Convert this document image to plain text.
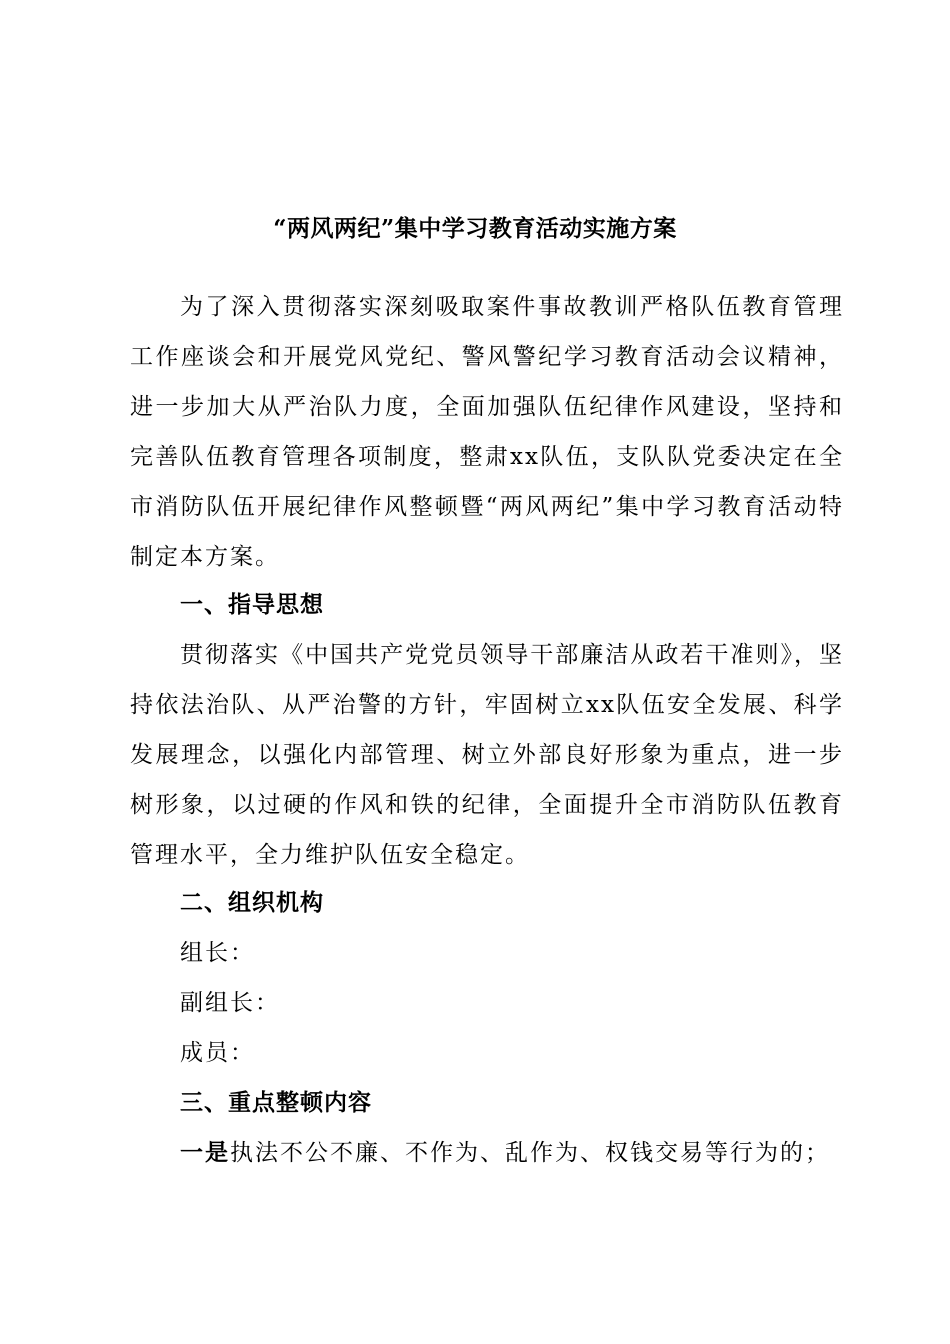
“两风两纪”集中学习教育活动实施方案

为了深入贯彻落实深刻吸取案件事故教训严格队伍教育管理工作座谈会和开展党风党纪、警风警纪学习教育活动会议精神，进一步加大从严治队力度，全面加强队伍纪律作风建设，坚持和完善队伍教育管理各项制度，整肃xx队伍，支队队党委决定在全市消防队伍开展纪律作风整顿暨“两风两纪”集中学习教育活动特制定本方案。

一、指导思想

贯彻落实《中国共产党党员领导干部廉洁从政若干准则》，坚持依法治队、从严治警的方针，牢固树立xx队伍安全发展、科学发展理念，以强化内部管理、树立外部良好形象为重点，进一步树形象，以过硬的作风和铁的纪律，全面提升全市消防队伍教育管理水平，全力维护队伍安全稳定。

二、组织机构

组长：

副组长：

成员：

三、重点整顿内容

一是执法不公不廉、不作为、乱作为、权钱交易等行为的；
